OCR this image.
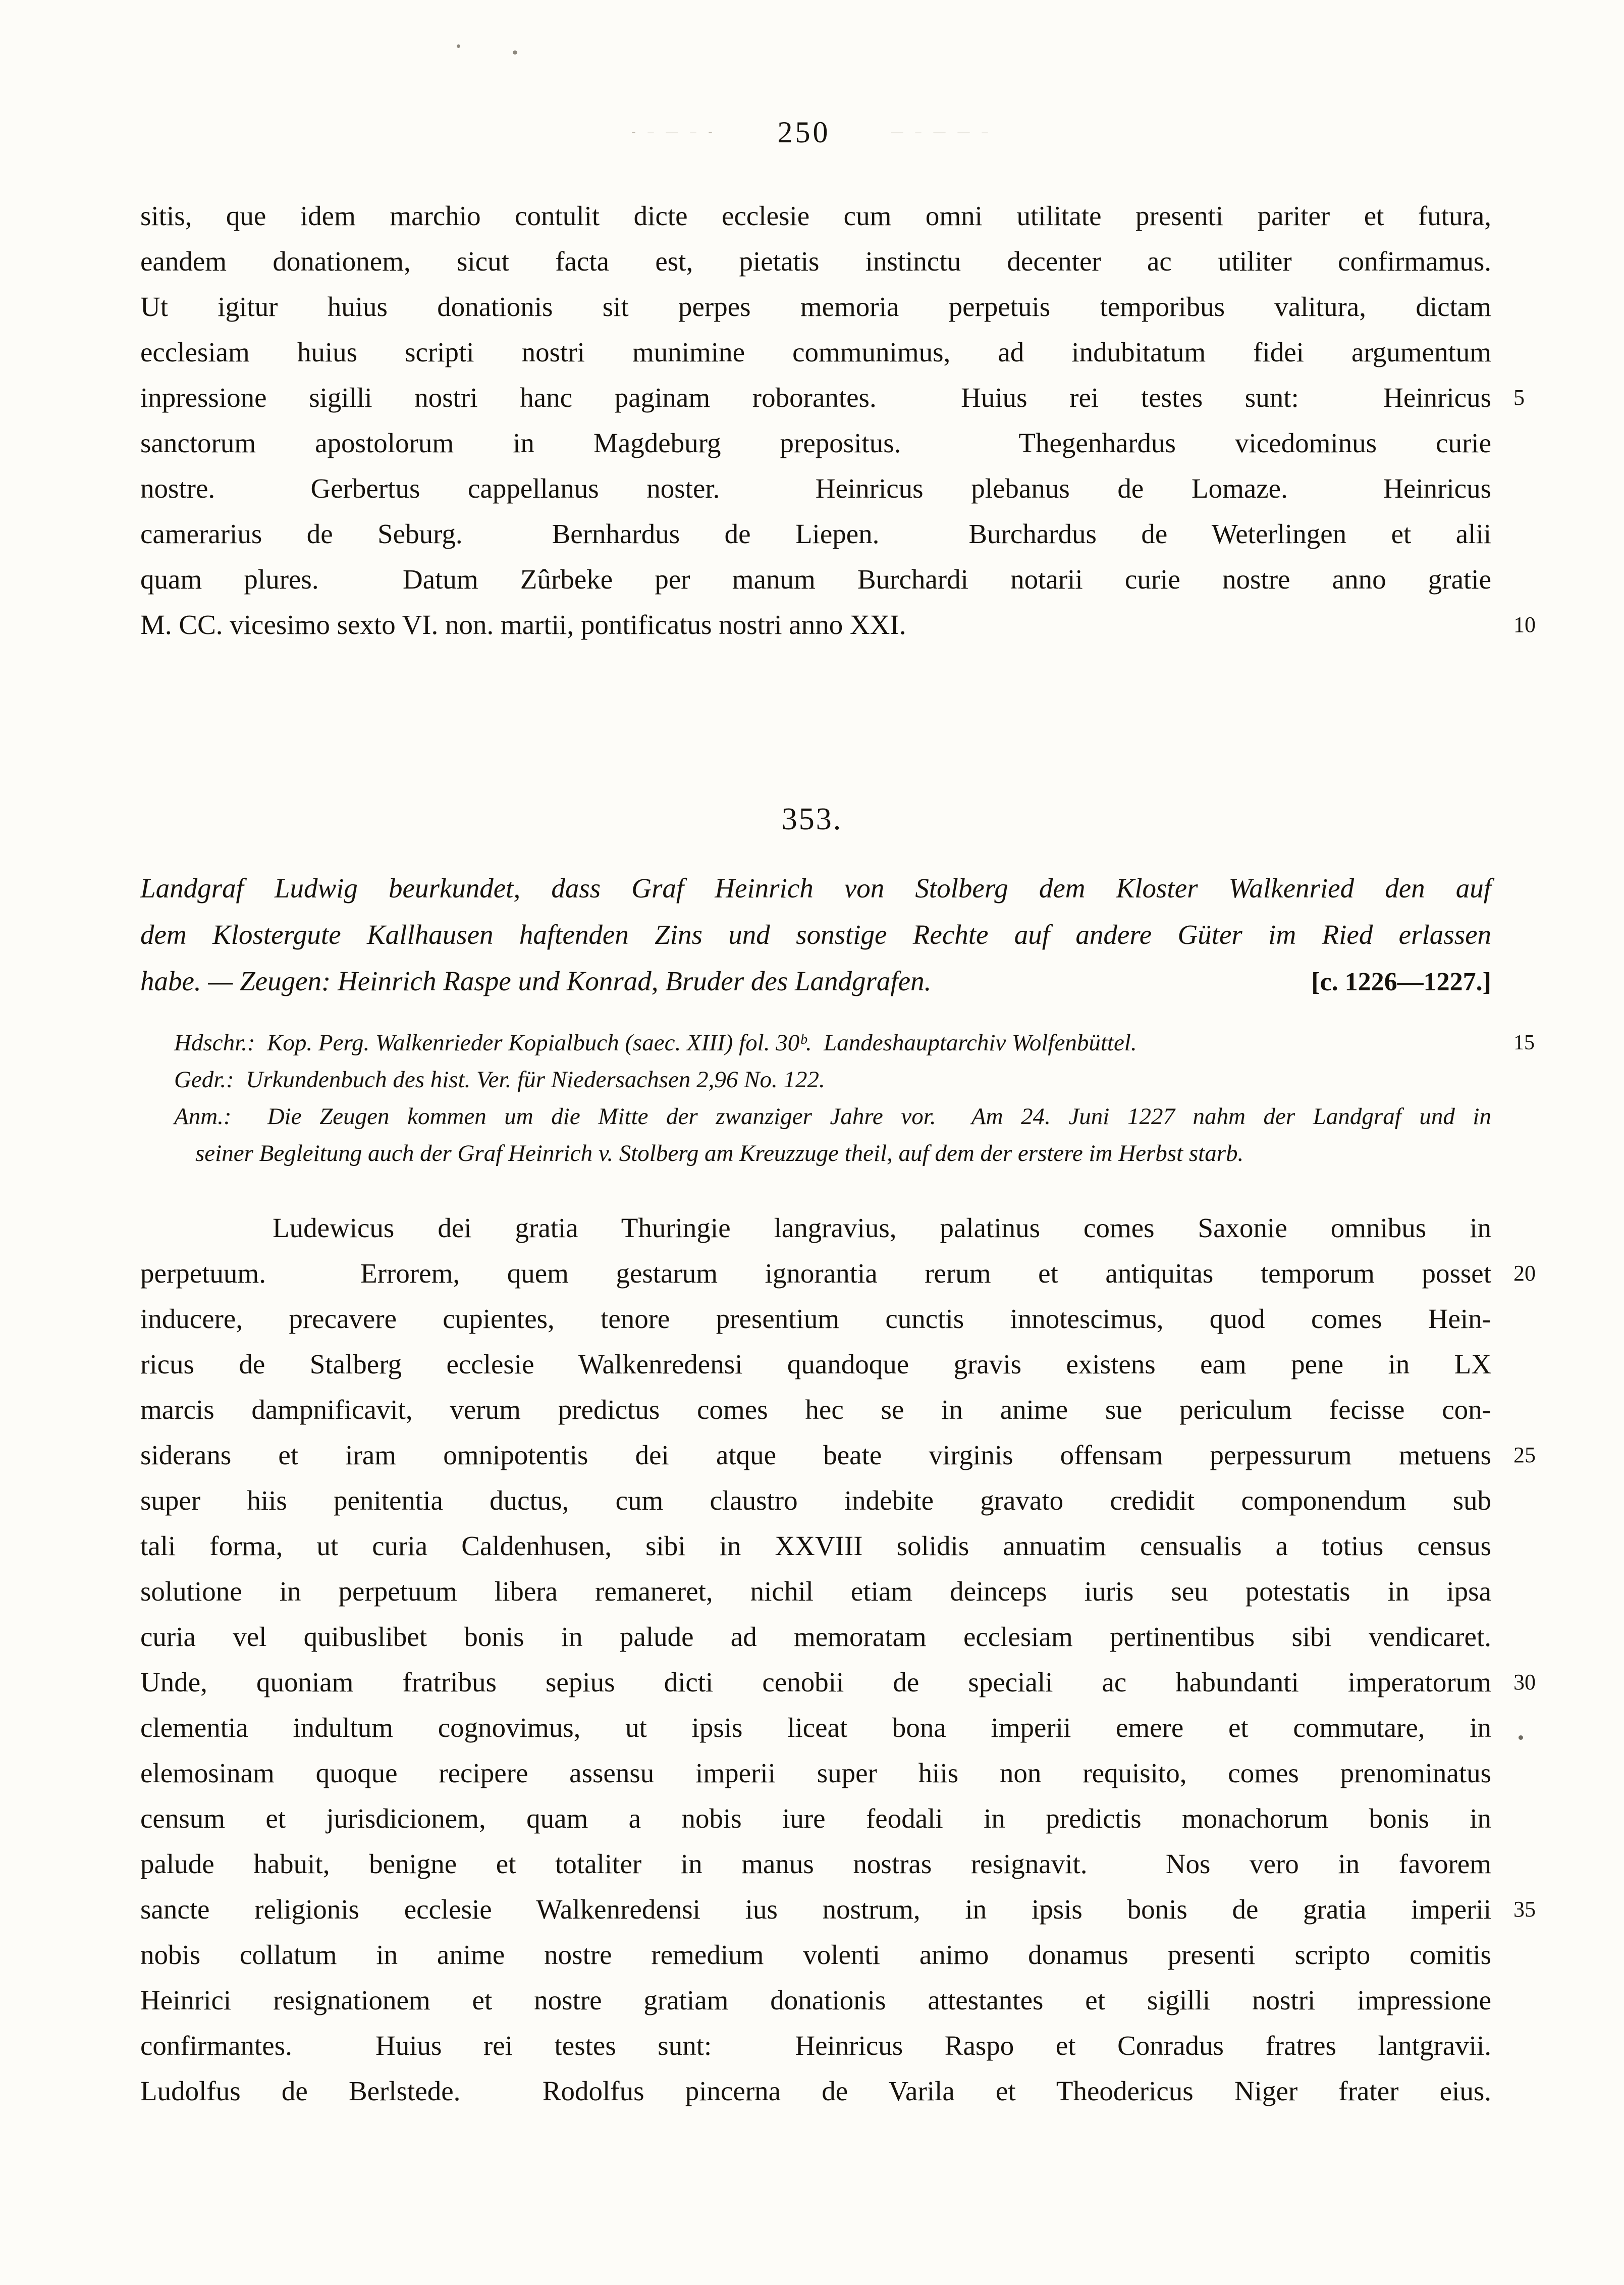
- – — – - 250	— – — — –
sitis, que idem marchio contulit dicte ecclesie cum omni utilitate presenti pariter et futura,
eandem donationem, sicut facta est, pietatis instinctu decenter ac utiliter confirmamus.
Ut igitur huius donationis sit perpes memoria perpetuis temporibus valitura, dictam
ecclesiam huius scripti nostri munimine communimus, ad indubitatum fidei argumentum
inpressione sigilli nostri hanc paginam roborantes.  Huius rei testes sunt:  Heinricus
sanctorum apostolorum in Magdeburg prepositus.  Thegenhardus vicedominus curie
nostre.  Gerbertus cappellanus noster.  Heinricus plebanus de Lomaze.  Heinricus
camerarius de Seburg.  Bernhardus de Liepen.  Burchardus de Weterlingen et alii
quam plures.  Datum Zûrbeke per manum Burchardi notarii curie nostre anno gratie
M. CC. vicesimo sexto VI. non. martii, pontificatus nostri anno XXI.
5
10
353.
Landgraf Ludwig beurkundet, dass Graf Heinrich von Stolberg dem Kloster Walkenried den auf
dem Klostergute Kallhausen haftenden Zins und sonstige Rechte auf andere Güter im Ried erlassen
habe. — Zeugen: Heinrich Raspe und Konrad, Bruder des Landgrafen.	[c. 1226—1227.]
Hdschr.:  Kop. Perg. Walkenrieder Kopialbuch (saec. XIII) fol. 30ᵇ.  Landeshauptarchiv Wolfenbüttel.
Gedr.:  Urkundenbuch des hist. Ver. für Niedersachsen 2,96 No. 122.
Anm.:  Die Zeugen kommen um die Mitte der zwanziger Jahre vor.  Am 24. Juni 1227 nahm der Landgraf und in
seiner Begleitung auch der Graf Heinrich v. Stolberg am Kreuzzuge theil, auf dem der erstere im Herbst starb.
15
Ludewicus dei gratia Thuringie langravius, palatinus comes Saxonie omnibus in
perpetuum.  Errorem, quem gestarum ignorantia rerum et antiquitas temporum posset
inducere, precavere cupientes, tenore presentium cunctis innotescimus, quod comes Hein-
ricus de Stalberg ecclesie Walkenredensi quandoque gravis existens eam pene in LX
marcis dampnificavit, verum predictus comes hec se in anime sue periculum fecisse con-
siderans et iram omnipotentis dei atque beate virginis offensam perpessurum metuens
super hiis penitentia ductus, cum claustro indebite gravato credidit componendum sub
tali forma, ut curia Caldenhusen, sibi in XXVIII solidis annuatim censualis a totius census
solutione in perpetuum libera remaneret, nichil etiam deinceps iuris seu potestatis in ipsa
curia vel quibuslibet bonis in palude ad memoratam ecclesiam pertinentibus sibi vendicaret.
Unde, quoniam fratribus sepius dicti cenobii de speciali ac habundanti imperatorum
clementia indultum cognovimus, ut ipsis liceat bona imperii emere et commutare, in
elemosinam quoque recipere assensu imperii super hiis non requisito, comes prenominatus
censum et jurisdicionem, quam a nobis iure feodali in predictis monachorum bonis in
palude habuit, benigne et totaliter in manus nostras resignavit.  Nos vero in favorem
sancte religionis ecclesie Walkenredensi ius nostrum, in ipsis bonis de gratia imperii
nobis collatum in anime nostre remedium volenti animo donamus presenti scripto comitis
Heinrici resignationem et nostre gratiam donationis attestantes et sigilli nostri impressione
confirmantes.  Huius rei testes sunt:  Heinricus Raspo et Conradus fratres lantgravii.
Ludolfus de Berlstede.  Rodolfus pincerna de Varila et Theodericus Niger frater eius.
20
25
30
35
